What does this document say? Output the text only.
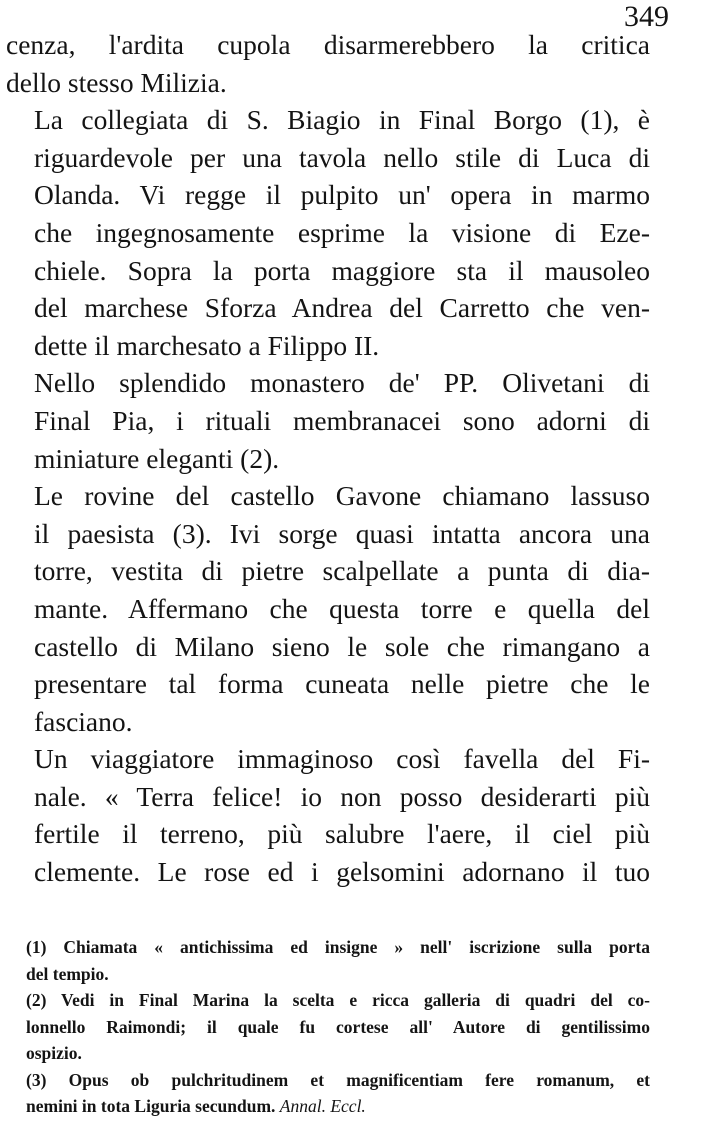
349

cenza, l'ardita cupola disarmerebbero la critica
dello stesso Milizia.

La collegiata di S. Biagio in Final Borgo (1), è
riguardevole per una tavola nello stile di Luca di
Olanda. Vi regge il pulpito un' opera in marmo
che ingegnosamente esprime la visione di Eze-
chiele. Sopra la porta maggiore sta il mausoleo
del marchese Sforza Andrea del Carretto che ven-
dette il marchesato a Filippo II.

Nello splendido monastero de' PP. Olivetani di
Final Pia, i rituali membranacei sono adorni di
miniature eleganti (2).

Le rovine del castello Gavone chiamano lassuso
il paesista (3). Ivi sorge quasi intatta ancora una
torre, vestita di pietre scalpellate a punta di dia-
mante. Affermano che questa torre e quella del
castello di Milano sieno le sole che rimangano a
presentare tal forma cuneata nelle pietre che le
fasciano.

Un viaggiatore immaginoso così favella del Fi-
nale. « Terra felice! io non posso desiderarti più
fertile il terreno, più salubre l'aere, il ciel più
clemente. Le rose ed i gelsomini adornano il tuo

(1) Chiamata « antichissima ed insigne » nell' iscrizione sulla porta
del tempio.

(2) Vedi in Final Marina la scelta e ricca galleria di quadri del co-
lonnello Raimondi; il quale fu cortese all' Autore di gentilissimo
ospizio.

(3) Opus ob pulchritudinem et magnificentiam fere romanum, et
nemini in tota Liguria secundum. Annal. Eccl.
